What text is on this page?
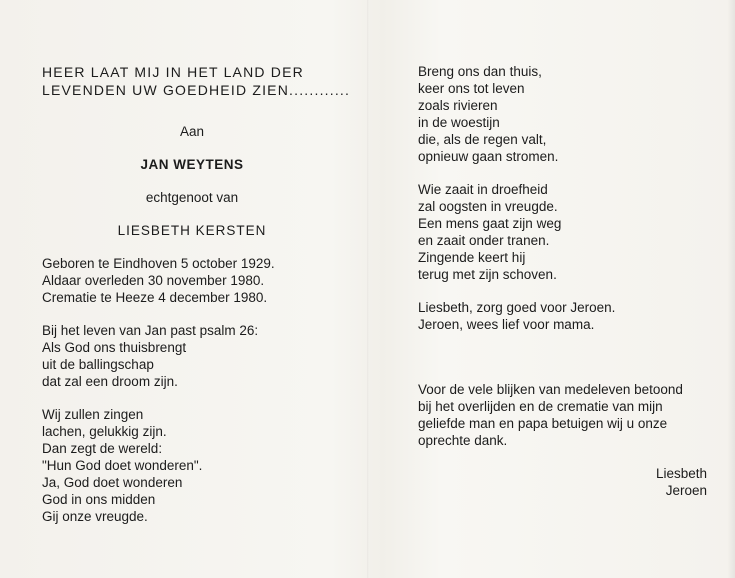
HEER LAAT MIJ IN HET LAND DER
LEVENDEN UW GOEDHEID ZIEN............
Aan
JAN WEYTENS
echtgenoot van
LIESBETH KERSTEN
Geboren te Eindhoven 5 october 1929.
Aldaar overleden 30 november 1980.
Crematie te Heeze 4 december 1980.
Bij het leven van Jan past psalm 26:
Als God ons thuisbrengt
uit de ballingschap
dat zal een droom zijn.
Wij zullen zingen
lachen, gelukkig zijn.
Dan zegt de wereld:
"Hun God doet wonderen".
Ja, God doet wonderen
God in ons midden
Gij onze vreugde.
Breng ons dan thuis,
keer ons tot leven
zoals rivieren
in de woestijn
die, als de regen valt,
opnieuw gaan stromen.
Wie zaait in droefheid
zal oogsten in vreugde.
Een mens gaat zijn weg
en zaait onder tranen.
Zingende keert hij
terug met zijn schoven.
Liesbeth, zorg goed voor Jeroen.
Jeroen, wees lief voor mama.
Voor de vele blijken van medeleven betoond
bij het overlijden en de crematie van mijn
geliefde man en papa betuigen wij u onze
oprechte dank.
Liesbeth
Jeroen
